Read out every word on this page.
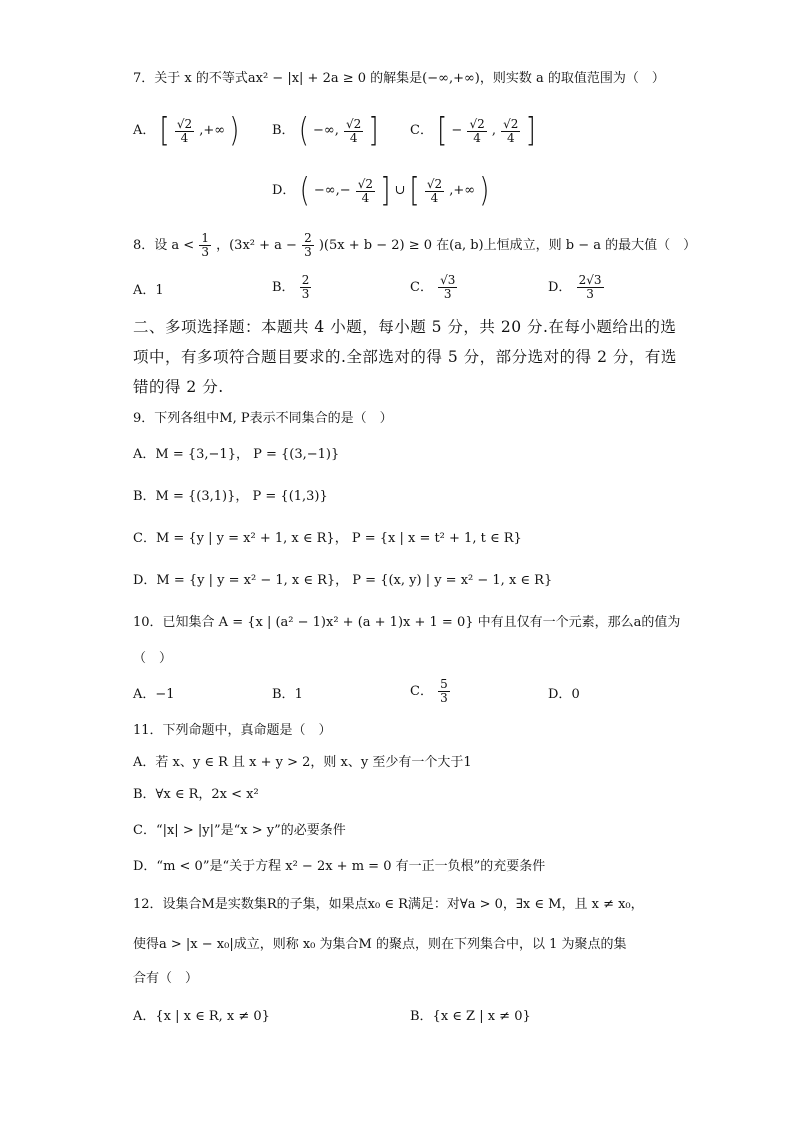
7．关于 x 的不等式ax² − |x| + 2a ≥ 0 的解集是(−∞,+∞)，则实数 a 的取值范围为（　）
A． [ $\frac{√2}{4}$ ,+∞ )	B． ( −∞, $\frac{√2}{4}$ ] C． [ − $\frac{√2}{4}$ , $\frac{√2}{4}$ ]
D． ( −∞,− $\frac{√2}{4}$ ] ∪ [ $\frac{√2}{4}$ ,+∞ )
8．设 $a < \frac{1}{3}$ ，$(3x^2 + a - \frac{2}{3} )(5x + b - 2) \ge 0$ 在(a, b)上恒成立，则 b − a 的最大值（　）
A．1	B． $\frac{2}{3}$	C． $\frac{√3}{3}$	D． $\frac{2√3}{3}$
二、多项选择题：本题共 4 小题，每小题 5 分，共 20 分.在每小题给出的选
项中，有多项符合题目要求的.全部选对的得 5 分，部分选对的得 2 分，有选
错的得 2 分.
9．下列各组中M, P表示不同集合的是（　）
A．M = {3,−1}， P = {(3,−1)}
B．M = {(3,1)}， P = {(1,3)}
C．M = {y | y = x² + 1, x ∈ R}， P = {x | x = t² + 1, t ∈ R}
D．M = {y | y = x² − 1, x ∈ R}， P = {(x, y) | y = x² − 1, x ∈ R}
10．已知集合 A = {x | (a² − 1)x² + (a + 1)x + 1 = 0} 中有且仅有一个元素，那么a的值为
（　）
A．−1	B．1	C． $\frac{5}{3}$	D．0
11．下列命题中，真命题是（　）
A．若 x、y ∈ R 且 x + y > 2，则 x、y 至少有一个大于1
B．∀x ∈ R，2x < x²
C．“|x| > |y|”是“x > y”的必要条件
D．“m < 0”是“关于方程 x² − 2x + m = 0 有一正一负根”的充要条件
12．设集合M是实数集R的子集，如果点x₀ ∈ R满足：对∀a > 0，∃x ∈ M，且 x ≠ x₀，
使得a > |x − x₀|成立，则称 x₀ 为集合M 的聚点，则在下列集合中，以 1 为聚点的集
合有（　）
A．{x | x ∈ R, x ≠ 0}	B．{x ∈ Z | x ≠ 0}
